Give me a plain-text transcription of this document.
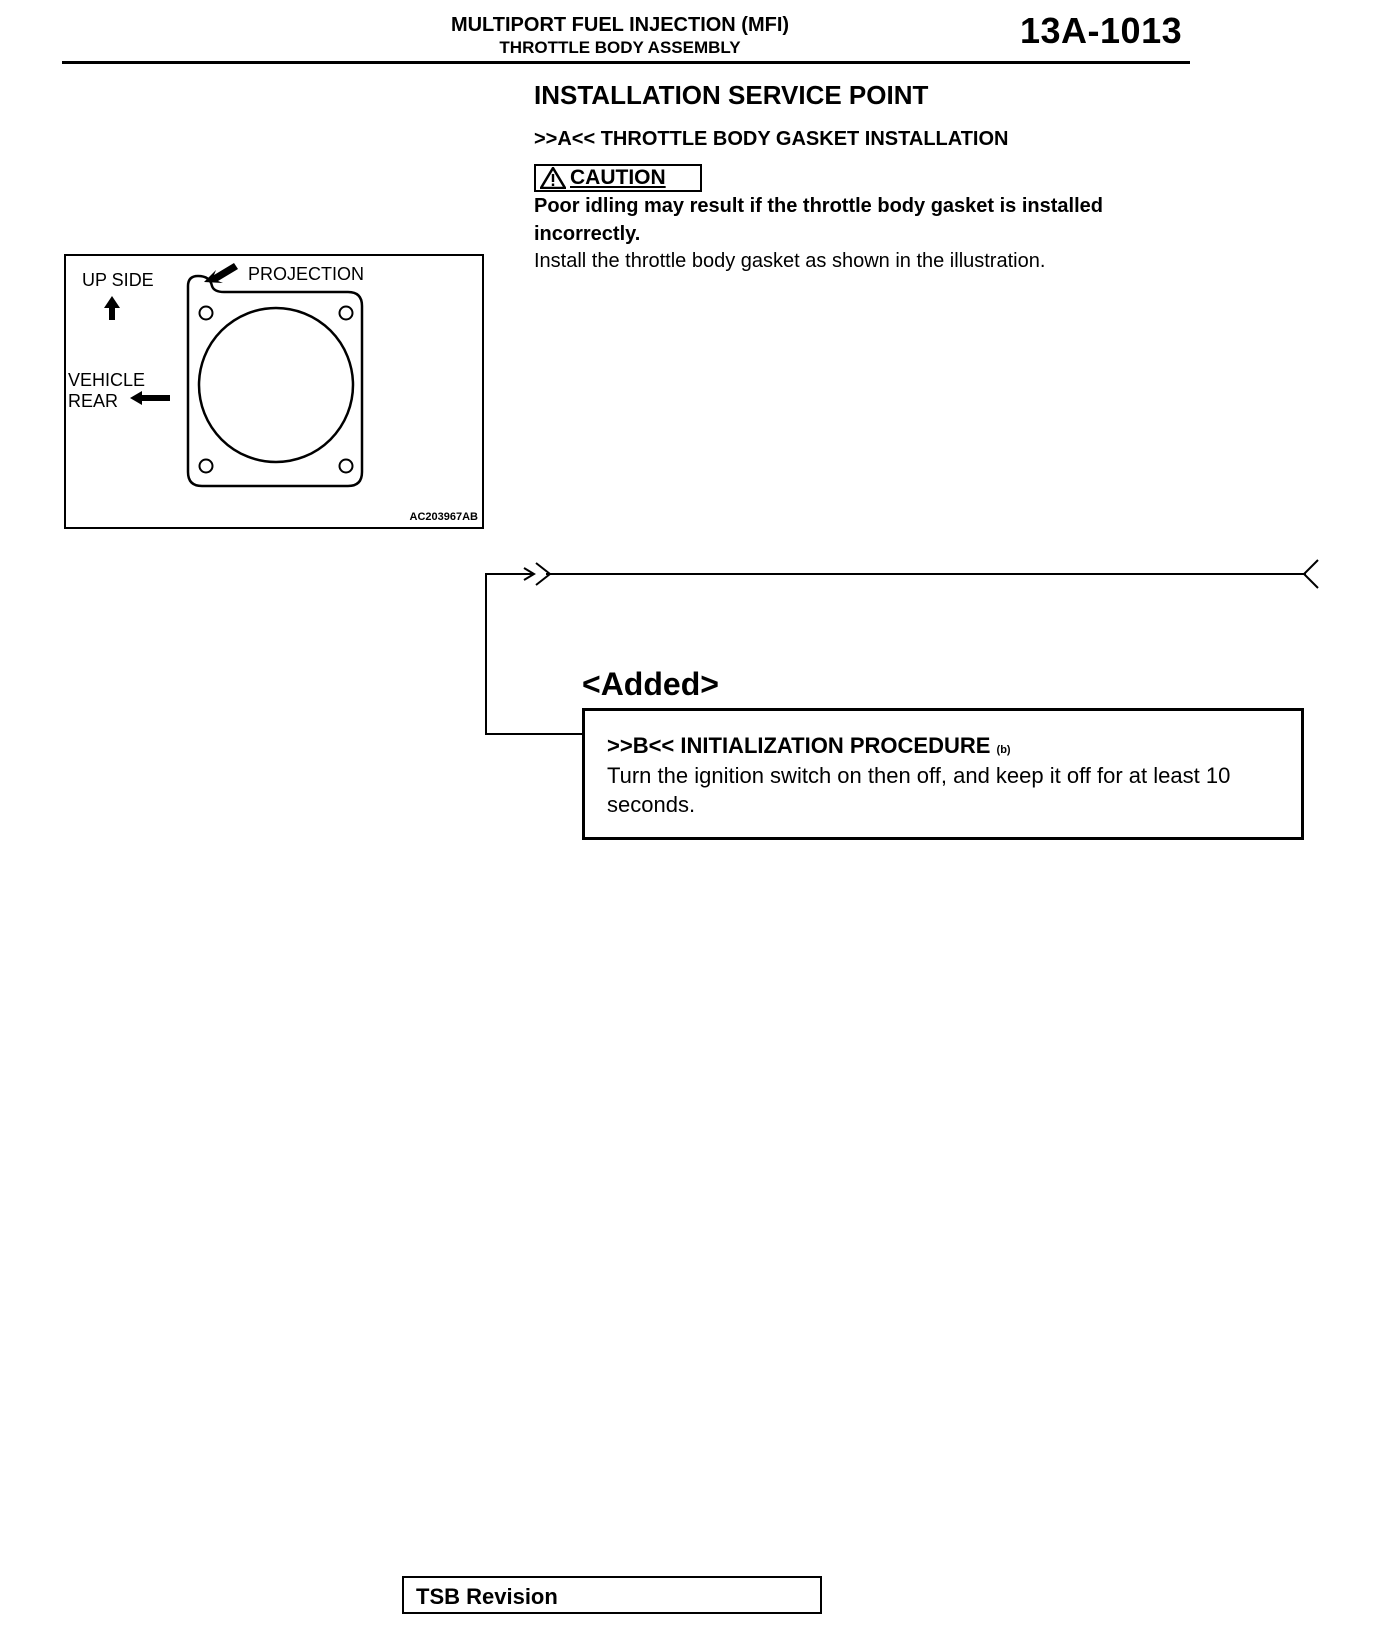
MULTIPORT FUEL INJECTION (MFI)
THROTTLE BODY ASSEMBLY	13A-1013
INSTALLATION SERVICE POINT
>>A<< THROTTLE BODY GASKET INSTALLATION
CAUTION
Poor idling may result if the throttle body gasket is installed incorrectly.
Install the throttle body gasket as shown in the illustration.
UP SIDE	PROJECTION
VEHICLE
REAR
AC203967AB
<Added>
>>B<< INITIALIZATION PROCEDURE (b)
Turn the ignition switch on then off, and keep it off for at least 10 seconds.
TSB Revision
